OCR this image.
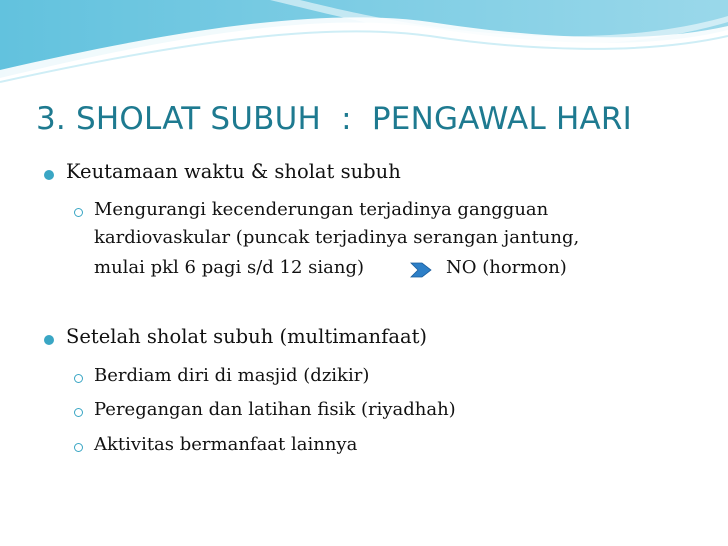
3. SHOLAT SUBUH  :  PENGAWAL HARI
Keutamaan waktu & sholat subuh
Mengurangi kecenderungan terjadinya gangguan
kardiovaskular (puncak terjadinya serangan jantung,
mulai pkl 6 pagi s/d 12 siang)	NO (hormon)
Setelah sholat subuh (multimanfaat)
Berdiam diri di masjid (dzikir)
Peregangan dan latihan fisik (riyadhah)
Aktivitas bermanfaat lainnya
